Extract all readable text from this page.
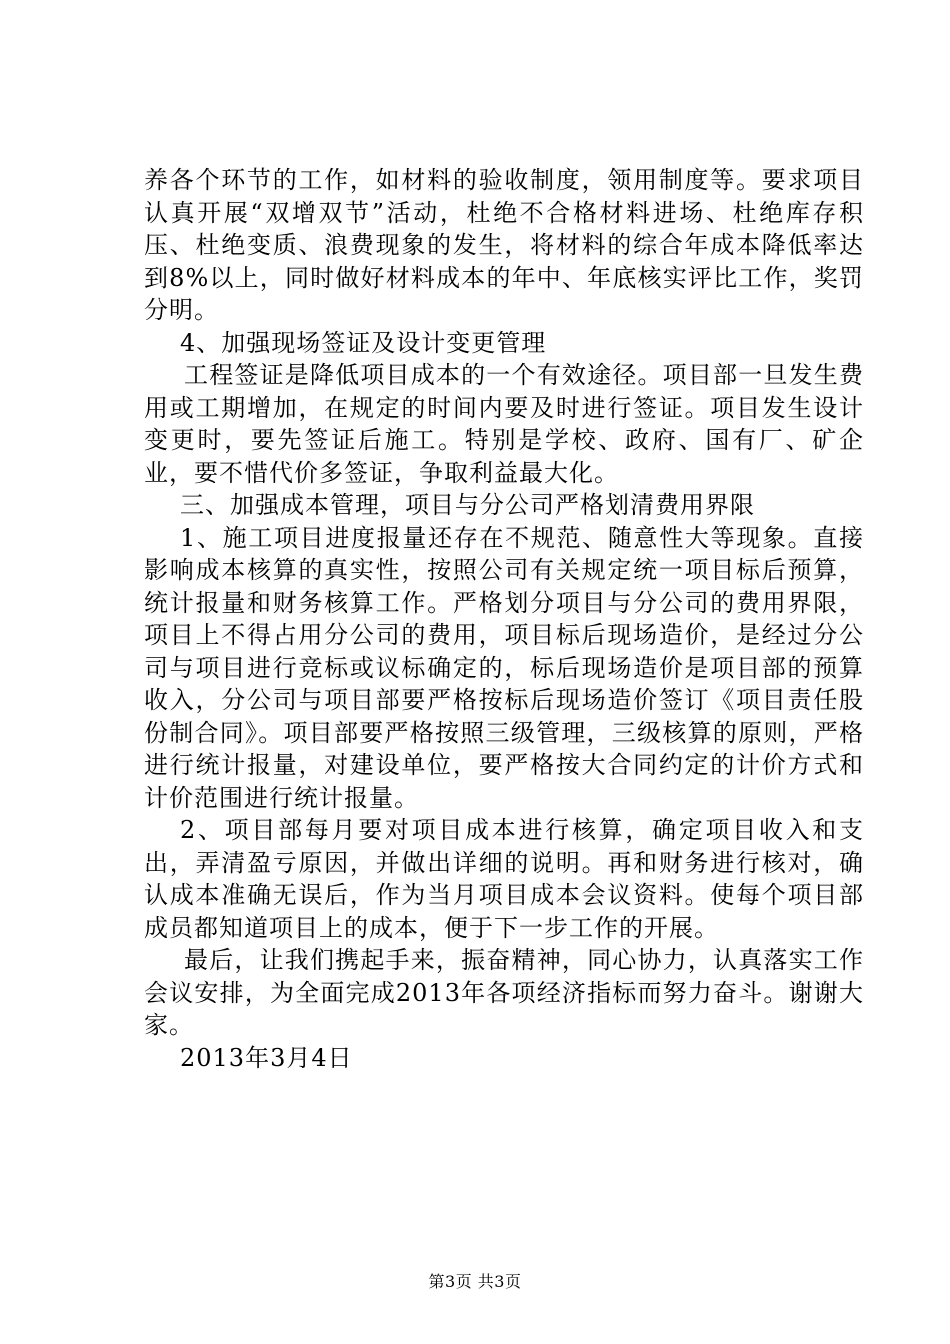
养各个环节的工作，如材料的验收制度，领用制度等。要求项目认真开展“双增双节”活动，杜绝不合格材料进场、杜绝库存积压、杜绝变质、浪费现象的发生，将材料的综合年成本降低率达到8%以上，同时做好材料成本的年中、年底核实评比工作，奖罚分明。

4、加强现场签证及设计变更管理

工程签证是降低项目成本的一个有效途径。项目部一旦发生费用或工期增加，在规定的时间内要及时进行签证。项目发生设计变更时，要先签证后施工。特别是学校、政府、国有厂、矿企业，要不惜代价多签证，争取利益最大化。

三、加强成本管理，项目与分公司严格划清费用界限

1、施工项目进度报量还存在不规范、随意性大等现象。直接影响成本核算的真实性，按照公司有关规定统一项目标后预算，统计报量和财务核算工作。严格划分项目与分公司的费用界限，项目上不得占用分公司的费用，项目标后现场造价，是经过分公司与项目进行竞标或议标确定的，标后现场造价是项目部的预算收入，分公司与项目部要严格按标后现场造价签订《项目责任股份制合同》。项目部要严格按照三级管理，三级核算的原则，严格进行统计报量，对建设单位，要严格按大合同约定的计价方式和计价范围进行统计报量。

2、项目部每月要对项目成本进行核算，确定项目收入和支出，弄清盈亏原因，并做出详细的说明。再和财务进行核对，确认成本准确无误后，作为当月项目成本会议资料。使每个项目部成员都知道项目上的成本，便于下一步工作的开展。

最后，让我们携起手来，振奋精神，同心协力，认真落实工作会议安排，为全面完成2013年各项经济指标而努力奋斗。谢谢大家。

2013年3月4日

第3页 共3页
